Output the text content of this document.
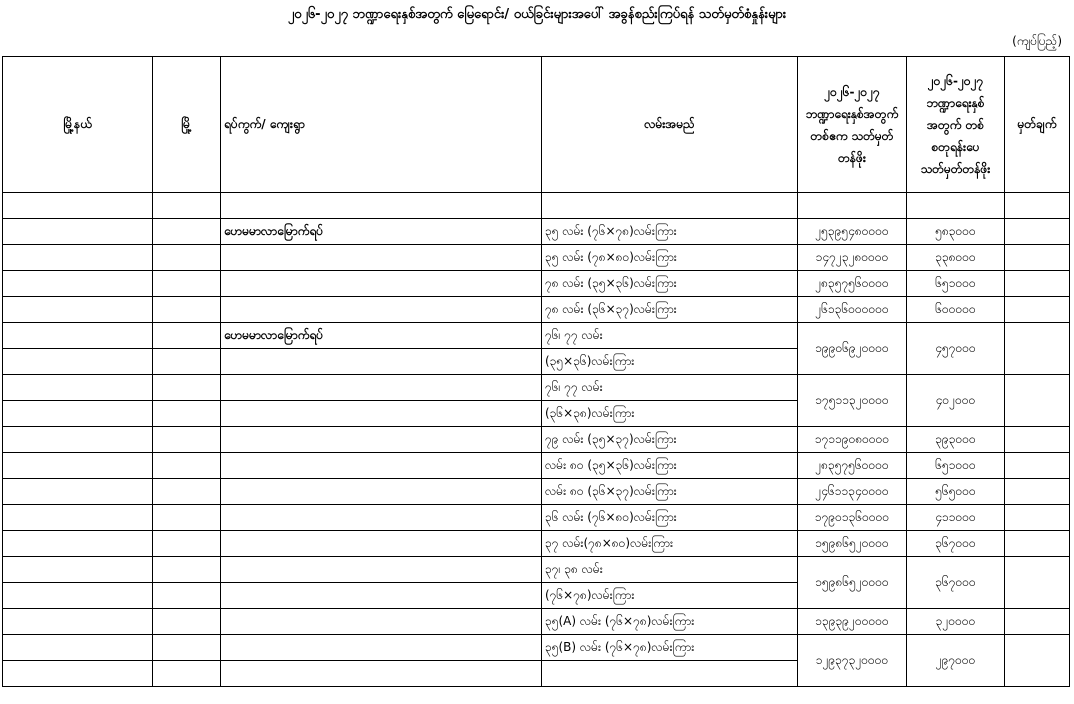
၂၀၂၆-၂၀၂၇ ဘဏ္ဍာရေးနှစ်အတွက် မြေရောင်း/ ဝယ်ခြင်းများအပေါ် အခွန်စည်းကြပ်ရန် သတ်မှတ်စံနှုန်းများ
(ကျပ်ပြည့်)
မြို့နယ်	မြို့	ရပ်ကွက်/ ကျေးရွာ	လမ်းအမည်	၂၀၂၆-၂၀၂၇ ဘဏ္ဍာရေးနှစ်အတွက် တစ်ဧက သတ်မှတ်တန်ဖိုး	၂၀၂၆-၂၀၂၇ ဘဏ္ဍာရေးနှစ်အတွက် တစ်စတုရန်းပေ သတ်မှတ်တန်ဖိုး	မှတ်ချက်

		ဟေမမာလာမြောက်ရပ်	၃၅ လမ်း (၇၆×၇၈)လမ်းကြား	၂၅၃၉၅၄၈၀၀၀၀	၅၈၃၀၀၀	
			၃၅ လမ်း (၇၈×၈၀)လမ်းကြား	၁၄၇၂၃၂၈၀၀၀၀	၃၃၈၀၀၀	
			၇၈ လမ်း (၃၅×၃၆)လမ်းကြား	၂၈၃၅၇၅၆၀၀၀၀	၆၅၁၀၀၀	
			၇၈ လမ်း (၃၆×၃၇)လမ်းကြား	၂၆၁၃၆၀၀၀၀၀၀	၆၀၀၀၀၀	
		ဟေမမာလာမြောက်ရပ်	၇၆၊ ၇၇ လမ်း	၁၉၉၀၆၉၂၀၀၀၀	၄၅၇၀၀၀	
			(၃၅×၃၆)လမ်းကြား			
			၇၆၊ ၇၇ လမ်း	၁၇၅၁၁၃၂၀၀၀၀	၄၀၂၀၀၀	
			(၃၆×၃၈)လမ်းကြား			
			၇၉ လမ်း (၃၅×၃၇)လမ်းကြား	၁၇၁၁၉၀၈၀၀၀၀	၃၉၃၀၀၀	
			လမ်း ၈၀ (၃၅×၃၆)လမ်းကြား	၂၈၃၅၇၅၆၀၀၀၀	၆၅၁၀၀၀	
			လမ်း ၈၀ (၃၆×၃၇)လမ်းကြား	၂၄၆၁၁၃၄၀၀၀၀	၅၆၅၀၀၀	
			၃၆ လမ်း (၇၆×၈၀)လမ်းကြား	၁၇၉၀၁၃၆၀၀၀၀	၄၁၁၀၀၀	
			၃၇ လမ်း(၇၈×၈၀)လမ်းကြား	၁၅၉၈၆၅၂၀၀၀၀	၃၆၇၀၀၀	
			၃၇၊ ၃၈ လမ်း	၁၅၉၈၆၅၂၀၀၀၀	၃၆၇၀၀၀	
			(၇၆×၇၈)လမ်းကြား			
			၃၅(A) လမ်း (၇၆×၇၈)လမ်းကြား	၁၃၉၃၉၂၀၀၀၀၀	၃၂၀၀၀၀	
			၃၅(B) လမ်း (၇၆×၇၈)လမ်းကြား	၁၂၉၃၇၃၂၀၀၀၀	၂၉၇၀၀၀	
